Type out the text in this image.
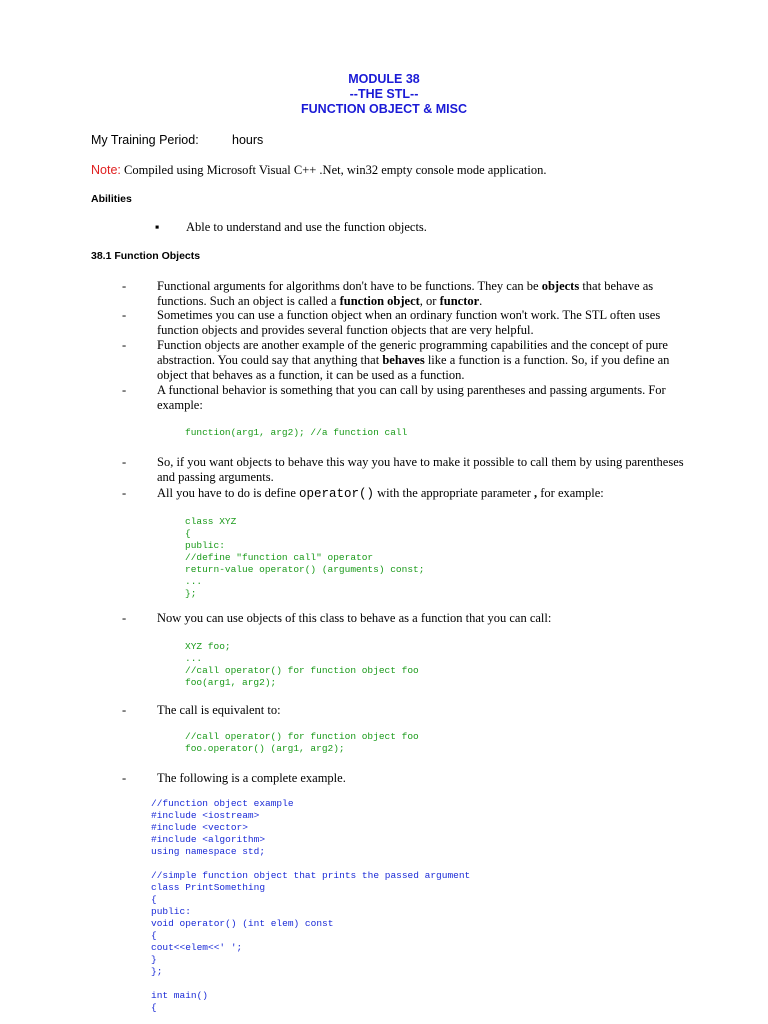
MODULE 38
--THE STL--
FUNCTION OBJECT & MISC
My Training Period:	hours
Note: Compiled using Microsoft Visual C++ .Net, win32 empty console mode application.
Abilities
▪ Able to understand and use the function objects.
38.1 Function Objects
- Functional arguments for algorithms don't have to be functions. They can be objects that behave as functions. Such an object is called a function object, or functor.
- Sometimes you can use a function object when an ordinary function won't work. The STL often uses function objects and provides several function objects that are very helpful.
- Function objects are another example of the generic programming capabilities and the concept of pure abstraction. You could say that anything that behaves like a function is a function. So, if you define an object that behaves as a function, it can be used as a function.
- A functional behavior is something that you can call by using parentheses and passing arguments. For example:
function(arg1, arg2); //a function call
- So, if you want objects to behave this way you have to make it possible to call them by using parentheses and passing arguments.
- All you have to do is define operator() with the appropriate parameter , for example:
class XYZ
{
public:
//define "function call" operator
return-value operator() (arguments) const;
...
};
- Now you can use objects of this class to behave as a function that you can call:
XYZ foo;
...
//call operator() for function object foo
foo(arg1, arg2);
- The call is equivalent to:
//call operator() for function object foo
foo.operator() (arg1, arg2);
- The following is a complete example.
//function object example
#include <iostream>
#include <vector>
#include <algorithm>
using namespace std;

//simple function object that prints the passed argument
class PrintSomething
{
public:
void operator() (int elem) const
{
cout<<elem<<' ';
}
};

int main()
{
